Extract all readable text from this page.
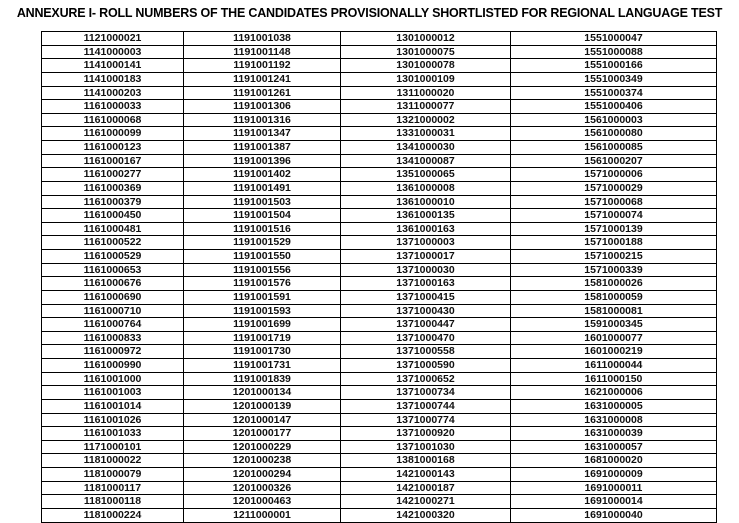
ANNEXURE I- ROLL NUMBERS OF THE CANDIDATES PROVISIONALLY SHORTLISTED FOR REGIONAL LANGUAGE TEST
1121000021	1191001038	1301000012	1551000047
1141000003	1191001148	1301000075	1551000088
1141000141	1191001192	1301000078	1551000166
1141000183	1191001241	1301000109	1551000349
1141000203	1191001261	1311000020	1551000374
1161000033	1191001306	1311000077	1551000406
1161000068	1191001316	1321000002	1561000003
1161000099	1191001347	1331000031	1561000080
1161000123	1191001387	1341000030	1561000085
1161000167	1191001396	1341000087	1561000207
1161000277	1191001402	1351000065	1571000006
1161000369	1191001491	1361000008	1571000029
1161000379	1191001503	1361000010	1571000068
1161000450	1191001504	1361000135	1571000074
1161000481	1191001516	1361000163	1571000139
1161000522	1191001529	1371000003	1571000188
1161000529	1191001550	1371000017	1571000215
1161000653	1191001556	1371000030	1571000339
1161000676	1191001576	1371000163	1581000026
1161000690	1191001591	1371000415	1581000059
1161000710	1191001593	1371000430	1581000081
1161000764	1191001699	1371000447	1591000345
1161000833	1191001719	1371000470	1601000077
1161000972	1191001730	1371000558	1601000219
1161000990	1191001731	1371000590	1611000044
1161001000	1191001839	1371000652	1611000150
1161001003	1201000134	1371000734	1621000006
1161001014	1201000139	1371000744	1631000005
1161001026	1201000147	1371000774	1631000008
1161001033	1201000177	1371000920	1631000039
1171000101	1201000229	1371001030	1631000057
1181000022	1201000238	1381000168	1681000020
1181000079	1201000294	1421000143	1691000009
1181000117	1201000326	1421000187	1691000011
1181000118	1201000463	1421000271	1691000014
1181000224	1211000001	1421000320	1691000040
